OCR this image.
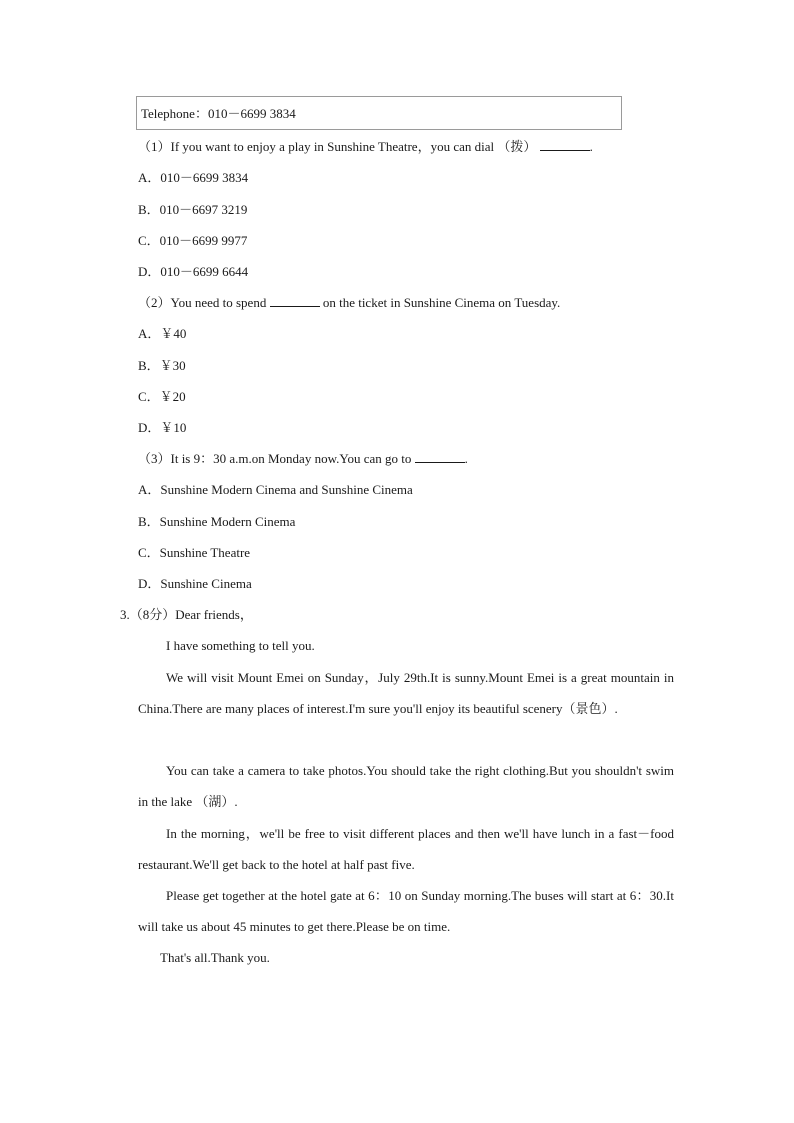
Telephone：010－6699 3834
（1）If you want to enjoy a play in Sunshine Theatre，you can dial （拨）	.
A．010－6699 3834
B．010－6697 3219
C．010－6699 9977
D．010－6699 6644
（2）You need to spend	on the ticket in Sunshine Cinema on Tuesday.
A．￥40
B．￥30
C．￥20
D．￥10
（3）It is 9：30 a.m.on Monday now.You can go to	.
A．Sunshine Modern Cinema and Sunshine Cinema
B．Sunshine Modern Cinema
C．Sunshine Theatre
D．Sunshine Cinema
3.（8分）Dear friends，
I have something to tell you.
We will visit Mount Emei on Sunday，July 29th.It is sunny.Mount Emei is a great mountain in China.There are many places of interest.I'm sure you'll enjoy its beautiful scenery（景色）.
You can take a camera to take photos.You should take the right clothing.But you shouldn't swim in the lake （湖）.
In the morning，we'll be free to visit different places and then we'll have lunch in a fast－food restaurant.We'll get back to the hotel at half past five.
Please get together at the hotel gate at 6：10 on Sunday morning.The buses will start at 6：30.It will take us about 45 minutes to get there.Please be on time.
That's all.Thank you.
